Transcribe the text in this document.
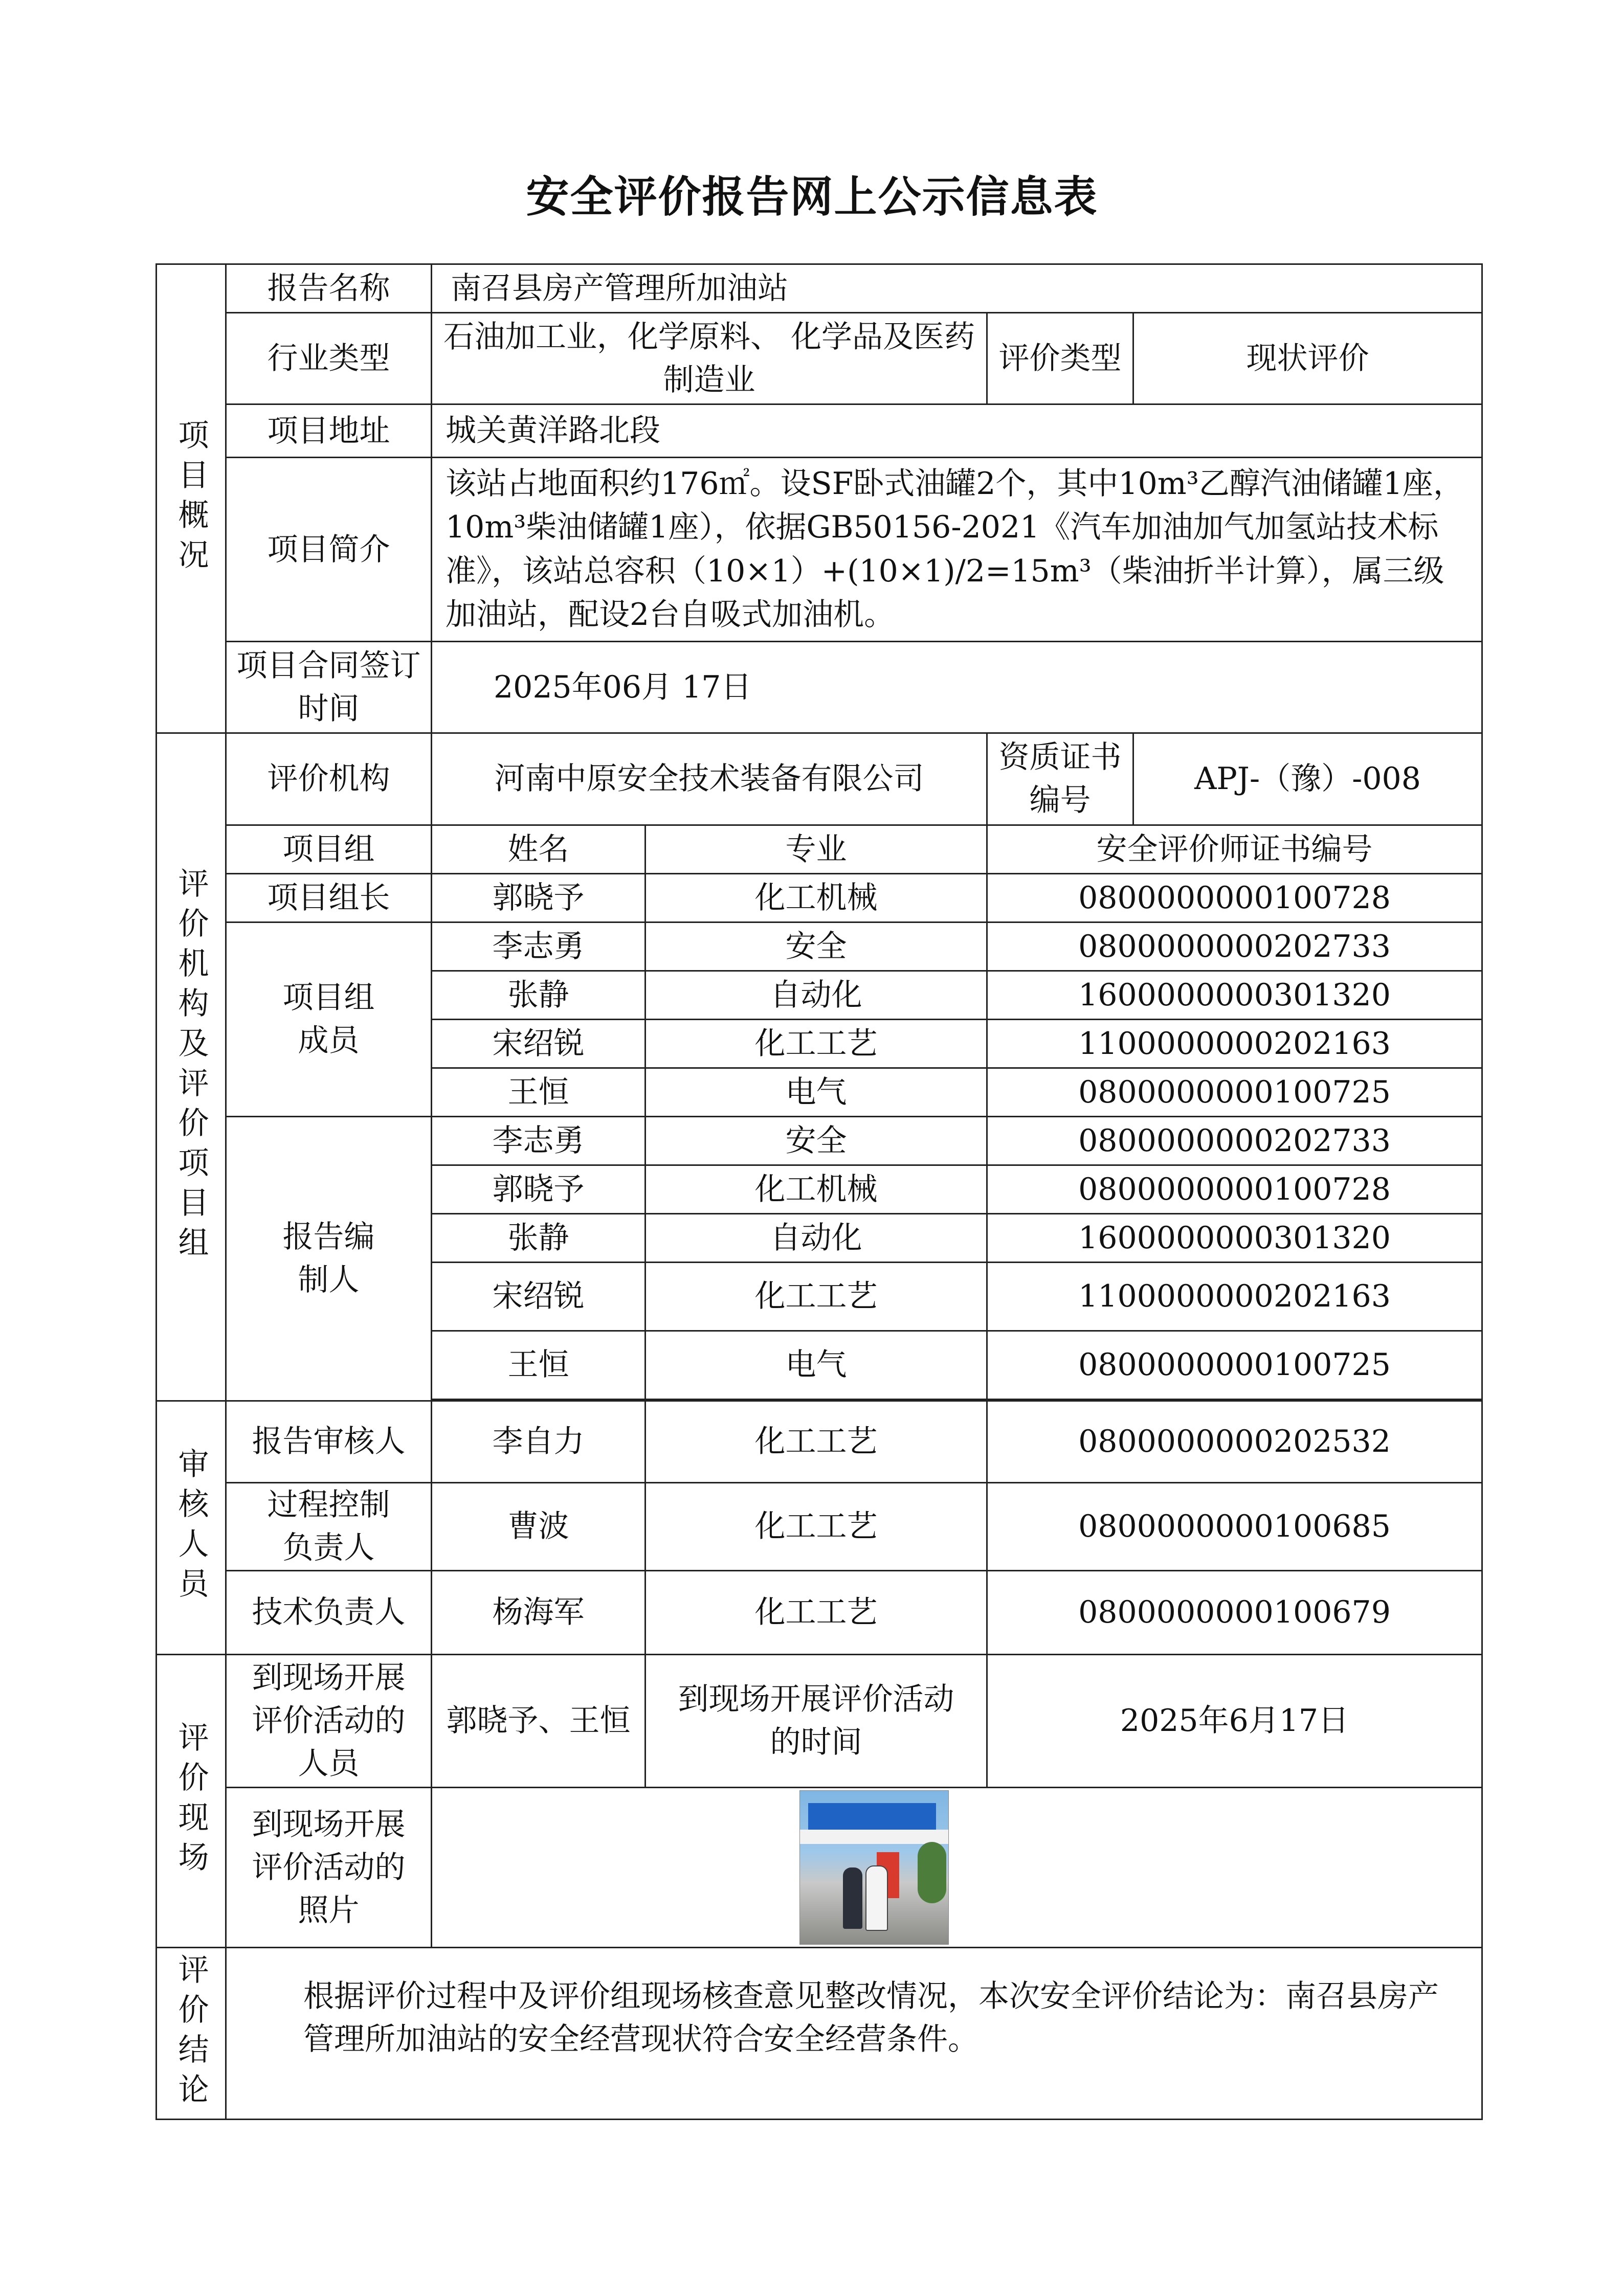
安全评价报告网上公示信息表
项目概况	报告名称	南召县房产管理所加油站			
	行业类型	石油加工业，化学原料、 化学品及医药制造业		评价类型	现状评价
	项目地址	城关黄洋路北段			
	项目简介	该站占地面积约176㎡。设SF卧式油罐2个，其中10m³乙醇汽油储罐1座，10m³柴油储罐1座），依据GB50156-2021《汽车加油加气加氢站技术标准》，该站总容积（10×1）+(10×1)/2=15m³（柴油折半计算），属三级加油站，配设2台自吸式加油机。			
	项目合同签订时间	2025年06月 17日			
评价机构及评价项目组	评价机构	河南中原安全技术装备有限公司		资质证书编号	APJ-（豫）-008
	项目组	姓名	专业	安全评价师证书编号	
	项目组长	郭晓予	化工机械	0800000000100728	
	项目组成员	李志勇	安全	0800000000202733	
		张静	自动化	1600000000301320	
		宋绍锐	化工工艺	1100000000202163	
		王恒	电气	0800000000100725	
	报告编制人	李志勇	安全	0800000000202733	
		郭晓予	化工机械	0800000000100728	
		张静	自动化	1600000000301320	
		宋绍锐	化工工艺	1100000000202163	
		王恒	电气	0800000000100725	

审核人员	报告审核人	李自力	化工工艺	0800000000202532	
	过程控制负责人	曹波	化工工艺	0800000000100685	
	技术负责人	杨海军	化工工艺	0800000000100679	
评价现场	到现场开展评价活动的人员	郭晓予、王恒	到现场开展评价活动的时间	2025年6月17日	
	到现场开展评价活动的照片				

评价结论	根据评价过程中及评价组现场核查意见整改情况，本次安全评价结论为：南召县房产管理所加油站的安全经营现状符合安全经营条件。				
